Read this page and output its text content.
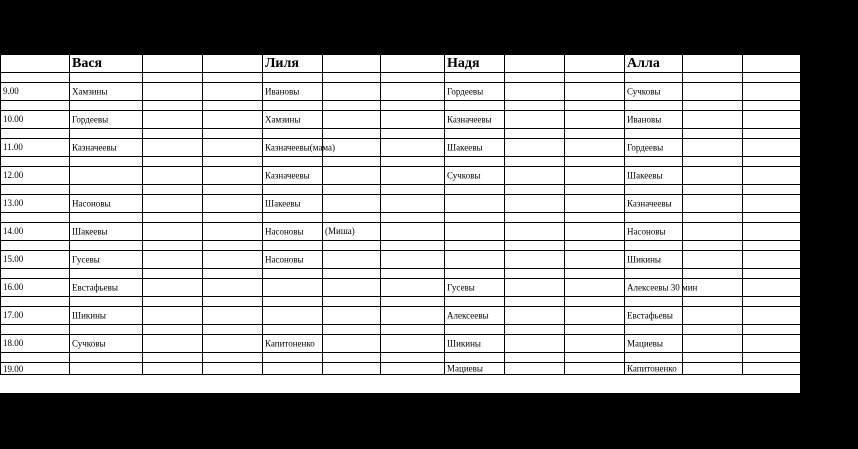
	Вася			Лиля			Надя			Алла			Лариса

9.00	Хамзины			Ивановы			Гордеевы			Сучковы			Казначеевы

10.00	Гордеевы			Хамзины			Казначеевы			Ивановы			Хамзины

11.00	Казначеевы			Казначеевы(мама)			Шакеевы			Гордеевы			Ивановы

12.00				Казначеевы			Сучковы			Шакеевы			Гордеевы

13.00	Насоновы			Шакеевы						Казначеевы			Сучковы

14.00	Шакеевы			Насоновы	(Миша)					Насоновы			Гусевы

15.00	Гусевы			Насоновы						Шикины			

16.00	Евстафьевы						Гусевы			Алексеевы 30 мин			Шикины

17.00	Шикины						Алексеевы			Евстафьевы			Мациевы

18.00	Сучковы			Капитоненко			Шикины			Мациевы			Алексеевы

19.00							Мациевы			Капитоненко			Евстафьевы
